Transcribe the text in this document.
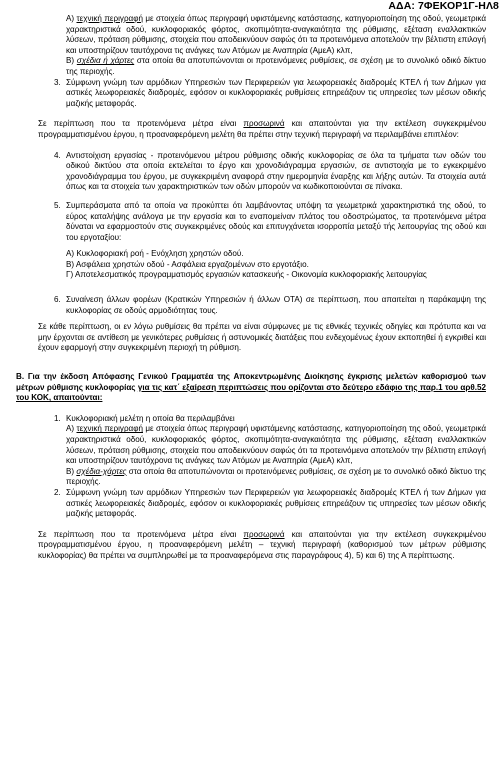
ΑΔΑ: 7ΦΕΚΟΡ1Γ-ΗΛ8
Α) τεχνική περιγραφή με στοιχεία όπως περιγραφή υφιστάμενης κατάστασης, κατηγοριοποίηση της οδού, γεωμετρικά χαρακτηριστικά οδού, κυκλοφοριακός φόρτος, σκοπιμότητα-αναγκαιότητα της ρύθμισης, εξέταση εναλλακτικών λύσεων, πρόταση ρύθμισης, στοιχεία που αποδεικνύουν σαφώς ότι τα προτεινόμενα αποτελούν την βέλτιστη επιλογή και υποστηρίζουν ταυτόχρονα τις ανάγκες των Ατόμων με Αναπηρία (ΑμεΑ) κλπ,
Β) σχέδια ή χάρτες στα οποία θα αποτυπώνονται οι προτεινόμενες ρυθμίσεις, σε σχέση με το συνολικό οδικό δίκτυο της περιοχής.
3. Σύμφωνη γνώμη των αρμόδιων Υπηρεσιών των Περιφερειών για λεωφορειακές διαδρομές ΚΤΕΛ ή των Δήμων για αστικές λεωφορειακές διαδρομές, εφόσον οι κυκλοφοριακές ρυθμίσεις επηρεάζουν τις υπηρεσίες των μέσων οδικής μαζικής μεταφοράς.

Σε περίπτωση που τα προτεινόμενα μέτρα είναι προσωρινά και απαιτούνται για την εκτέλεση συγκεκριμένου προγραμματισμένου έργου, η προαναφερόμενη μελέτη θα πρέπει στην τεχνική περιγραφή να περιλαμβάνει επιπλέον:

4. Αντιστοίχιση εργασίας - προτεινόμενου μέτρου ρύθμισης οδικής κυκλοφορίας σε όλα τα τμήματα των οδών του οδικού δικτύου στα οποία εκτελείται το έργο και χρονοδιάγραμμα εργασιών, σε αντιστοιχία με το εγκεκριμένο χρονοδιάγραμμα του έργου, με συγκεκριμένη αναφορά στην ημερομηνία έναρξης και λήξης αυτών. Τα στοιχεία αυτά όπως και τα στοιχεία των χαρακτηριστικών των οδών μπορούν να κωδικοποιούνται σε πίνακα.
5. Συμπεράσματα από τα οποία να προκύπτει ότι λαμβάνοντας υπόψη τα γεωμετρικά χαρακτηριστικά της οδού, το εύρος καταλήψης ανάλογα με την εργασία και το εναπομείναν πλάτος του οδοστρώματος, τα προτεινόμενα μέτρα δύναται να εφαρμοστούν στις συγκεκριμένες οδούς και επιτυγχάνεται ισορροπία μεταξύ τής λειτουργίας της οδού και του εργοταξίου:
Α) Κυκλοφοριακή ροή - Ενόχληση χρηστών οδού.
Β) Ασφάλεια χρηστών οδού - Ασφάλεια εργαζομένων στο εργοτάξιο.
Γ) Αποτελεσματικός προγραμματισμός εργασιών κατασκευής - Οικονομία κυκλοφοριακής λειτουργίας
6. Συναίνεση άλλων φορέων (Κρατικών Υπηρεσιών ή άλλων ΟΤΑ) σε περίπτωση, που απαιτείται η παράκαμψη της κυκλοφορίας σε οδούς αρμοδιότητας τους.

Σε κάθε περίπτωση, οι εν λόγω ρυθμίσεις θα πρέπει να είναι σύμφωνες με τις εθνικές τεχνικές οδηγίες και πρότυπα και να μην έρχονται σε αντίθεση με γενικότερες ρυθμίσεις ή αστυνομικές διατάξεις που ενδεχομένως έχουν εκποπηθεί ή εγκριθεί και έχουν εφαρμογή στην συγκεκριμένη περιοχή τη ρύθμιση.

Β. Για την έκδοση Απόφασης Γενικού Γραμματέα της Αποκεντρωμένης Διοίκησης έγκρισης μελετών καθορισμού των μέτρων ρύθμισης κυκλοφορίας για τις κατ΄ εξαίρεση περιπτώσεις που ορίζονται στο δεύτερο εδάφιο της παρ.1 του αρθ.52 του ΚΟΚ, απαιτούνται:

1. Κυκλοφοριακή μελέτη η οποία θα περιλαμβάνει
Α) τεχνική περιγραφή με στοιχεία όπως περιγραφή υφιστάμενης κατάστασης, κατηγοριοποίηση της οδού, γεωμετρικά χαρακτηριστικά οδού, κυκλοφοριακός φόρτος, σκοπιμότητα-αναγκαιότητα της ρύθμισης, εξέταση εναλλακτικών λύσεων, πρόταση ρύθμισης, στοιχεία που αποδεικνύουν σαφώς ότι τα προτεινόμενα αποτελούν την βέλτιστη επιλογή και υποστηρίζουν ταυτόχρονα τις ανάγκες των Ατόμων με Αναπηρία (ΑμεΑ) κλπ,
Β) σχέδια-χάρτες στα οποία θα αποτυπώνονται οι προτεινόμενες ρυθμίσεις, σε σχέση με το συνολικό οδικό δίκτυο της περιοχής.
2. Σύμφωνη γνώμη των αρμόδιων Υπηρεσιών των Περιφερειών για λεωφορειακές διαδρομές ΚΤΕΛ ή των Δήμων για αστικές λεωφορειακές διαδρομές, εφόσον οι κυκλοφοριακές ρυθμίσεις επηρεάζουν τις υπηρεσίες των μέσων οδικής μαζικής μεταφοράς.

Σε περίπτωση που τα προτεινόμενα μέτρα είναι προσωρινά και απαιτούνται για την εκτέλεση συγκεκριμένου προγραμματισμένου έργου, η προαναφερόμενη μελέτη – τεχνική περιγραφή (καθορισμού των μέτρων ρύθμισης κυκλοφορίας) θα πρέπει να συμπληρωθεί με τα προαναφερόμενα στις παραγράφους 4), 5) και 6) της Α περίπτωσης.
